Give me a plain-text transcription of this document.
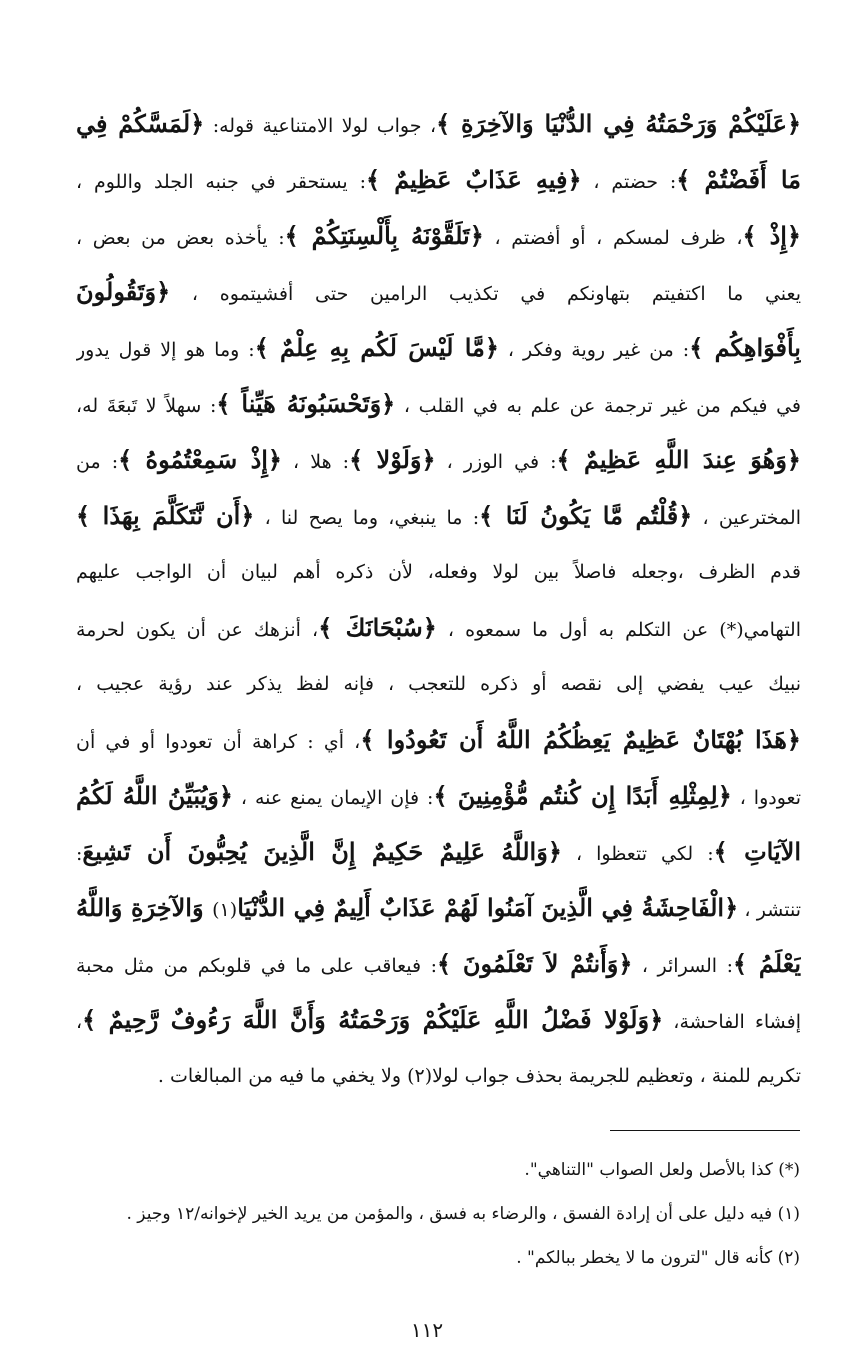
﴿عَلَيْكُمْ وَرَحْمَتُهُ فِي الدُّنْيَا وَالآخِرَةِ ﴾، جواب لولا الامتناعية قوله: ﴿لَمَسَّكُمْ فِي
مَا أَفَضْتُمْ ﴾: حضتم ، ﴿فِيهِ عَذَابٌ عَظِيمٌ ﴾: يستحقر في جنبه الجلد واللوم ،
﴿إِذْ ﴾، ظرف لمسكم ، أو أفضتم ، ﴿تَلَقَّوْنَهُ بِأَلْسِنَتِكُمْ ﴾: يأخذه بعض من بعض ،
يعني ما اكتفيتم بتهاونكم في تكذيب الرامين حتى أفشيتموه ، ﴿وَتَقُولُونَ
بِأَفْوَاهِكُم ﴾: من غير روية وفكر ، ﴿مَّا لَيْسَ لَكُم بِهِ عِلْمٌ ﴾: وما هو إلا قول يدور
في فيكم من غير ترجمة عن علم به في القلب ، ﴿وَتَحْسَبُونَهُ هَيِّناً ﴾: سهلاً لا تَبعَةَ له،
﴿وَهُوَ عِندَ اللَّهِ عَظِيمٌ ﴾: في الوزر ، ﴿وَلَوْلا ﴾: هلا ، ﴿إِذْ سَمِعْتُمُوهُ ﴾: من
المخترعين ، ﴿قُلْتُم مَّا يَكُونُ لَنَا ﴾: ما ينبغي، وما يصح لنا ، ﴿أَن نَّتَكَلَّمَ بِهَذَا ﴾
قدم الظرف ،وجعله فاصلاً بين لولا وفعله، لأن ذكره أهم لبيان أن الواجب عليهم
التهامي(*) عن التكلم به أول ما سمعوه ، ﴿سُبْحَانَكَ ﴾، أنزهك عن أن يكون لحرمة
نبيك عيب يفضي إلى نقصه أو ذكره للتعجب ، فإنه لفظ يذكر عند رؤية عجيب ،
﴿هَذَا بُهْتَانٌ عَظِيمٌ يَعِظُكُمُ اللَّهُ أَن تَعُودُوا ﴾، أي : كراهة أن تعودوا أو في أن
تعودوا ، ﴿لِمِثْلِهِ أَبَدًا إِن كُنتُم مُّؤْمِنِينَ ﴾: فإن الإيمان يمنع عنه ، ﴿وَيُبَيِّنُ اللَّهُ لَكُمُ
الآيَاتِ ﴾: لكي تتعظوا ، ﴿وَاللَّهُ عَلِيمٌ حَكِيمٌ إِنَّ الَّذِينَ يُحِبُّونَ أَن تَشِيعَ:
تنتشر ، ﴿الْفَاحِشَةُ فِي الَّذِينَ آمَنُوا لَهُمْ عَذَابٌ أَلِيمٌ فِي الدُّنْيَا(١) وَالآخِرَةِ وَاللَّهُ
يَعْلَمُ ﴾: السرائر ، ﴿وَأَنتُمْ لاَ تَعْلَمُونَ ﴾: فيعاقب على ما في قلوبكم من مثل محبة
إفشاء الفاحشة، ﴿وَلَوْلا فَضْلُ اللَّهِ عَلَيْكُمْ وَرَحْمَتُهُ وَأَنَّ اللَّهَ رَءُوفٌ رَّحِيمٌ ﴾،
تكريم للمنة ، وتعظيم للجريمة بحذف جواب لولا(٢) ولا يخفي ما فيه من المبالغات .
(*) كذا بالأصل ولعل الصواب "التناهي".
(١) فيه دليل على أن إرادة الفسق ، والرضاء به فسق ، والمؤمن من يريد الخير لإخوانه/١٢ وجيز .
(٢) كأنه قال "لترون ما لا يخطر ببالكم" .
١١٢
